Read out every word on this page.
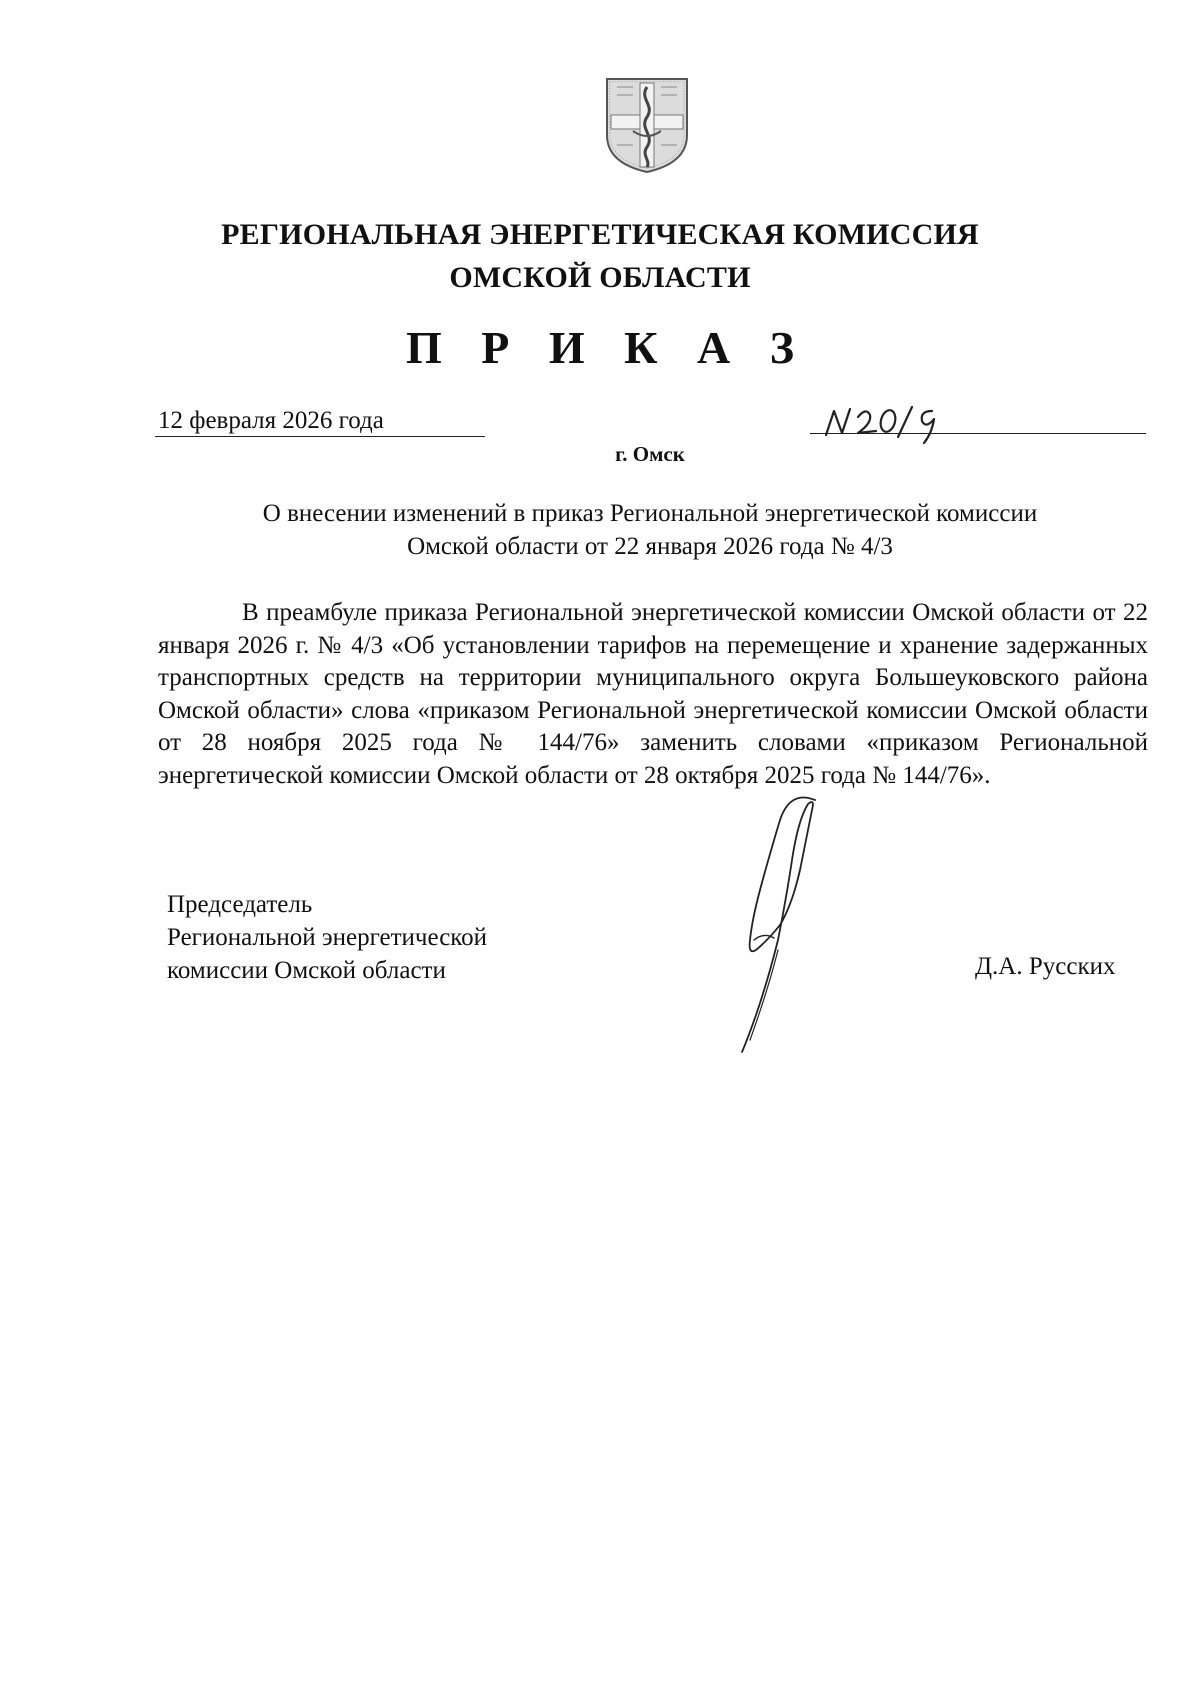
РЕГИОНАЛЬНАЯ ЭНЕРГЕТИЧЕСКАЯ КОМИССИЯ
ОМСКОЙ ОБЛАСТИ
П Р И К А З
12 февраля 2026 года
г. Омск
О внесении изменений в приказ Региональной энергетической комиссии
Омской области от 22 января 2026 года № 4/3

В преамбуле приказа Региональной энергетической комиссии Омской области от 22 января 2026 г. № 4/3 «Об установлении тарифов на перемещение и хранение задержанных транспортных средств на территории муниципального округа Большеуковского района Омской области» слова «приказом Региональной энергетической комиссии Омской области от 28 ноября 2025 года № 144/76» заменить словами «приказом Региональной энергетической комиссии Омской области от 28 октября 2025 года № 144/76».

Председатель
Региональной энергетической
комиссии Омской области	Д.А. Русских
